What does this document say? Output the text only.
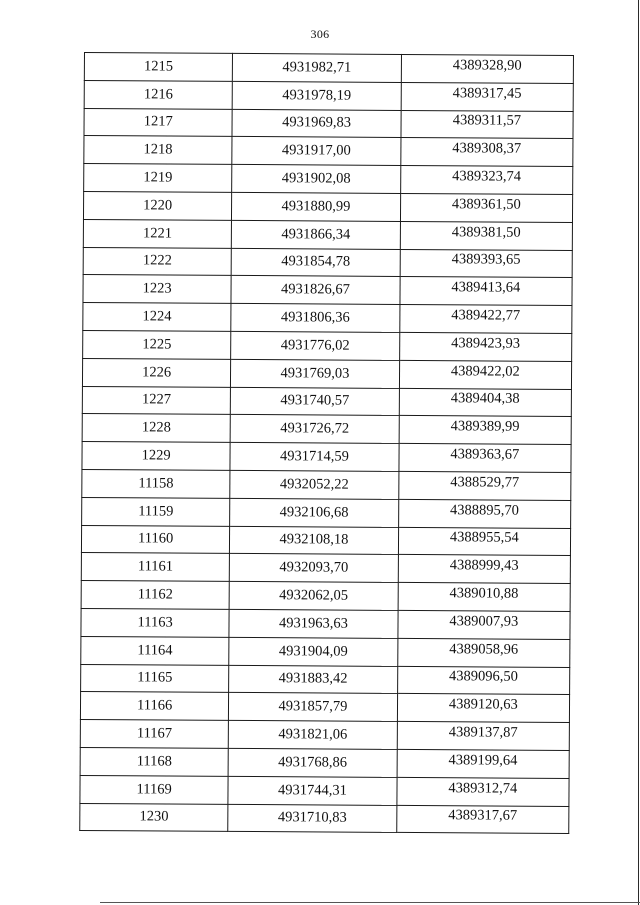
306
1215	4931982,71	4389328,90
1216	4931978,19	4389317,45
1217	4931969,83	4389311,57
1218	4931917,00	4389308,37
1219	4931902,08	4389323,74
1220	4931880,99	4389361,50
1221	4931866,34	4389381,50
1222	4931854,78	4389393,65
1223	4931826,67	4389413,64
1224	4931806,36	4389422,77
1225	4931776,02	4389423,93
1226	4931769,03	4389422,02
1227	4931740,57	4389404,38
1228	4931726,72	4389389,99
1229	4931714,59	4389363,67
11158	4932052,22	4388529,77
11159	4932106,68	4388895,70
11160	4932108,18	4388955,54
11161	4932093,70	4388999,43
11162	4932062,05	4389010,88
11163	4931963,63	4389007,93
11164	4931904,09	4389058,96
11165	4931883,42	4389096,50
11166	4931857,79	4389120,63
11167	4931821,06	4389137,87
11168	4931768,86	4389199,64
11169	4931744,31	4389312,74
1230	4931710,83	4389317,67
